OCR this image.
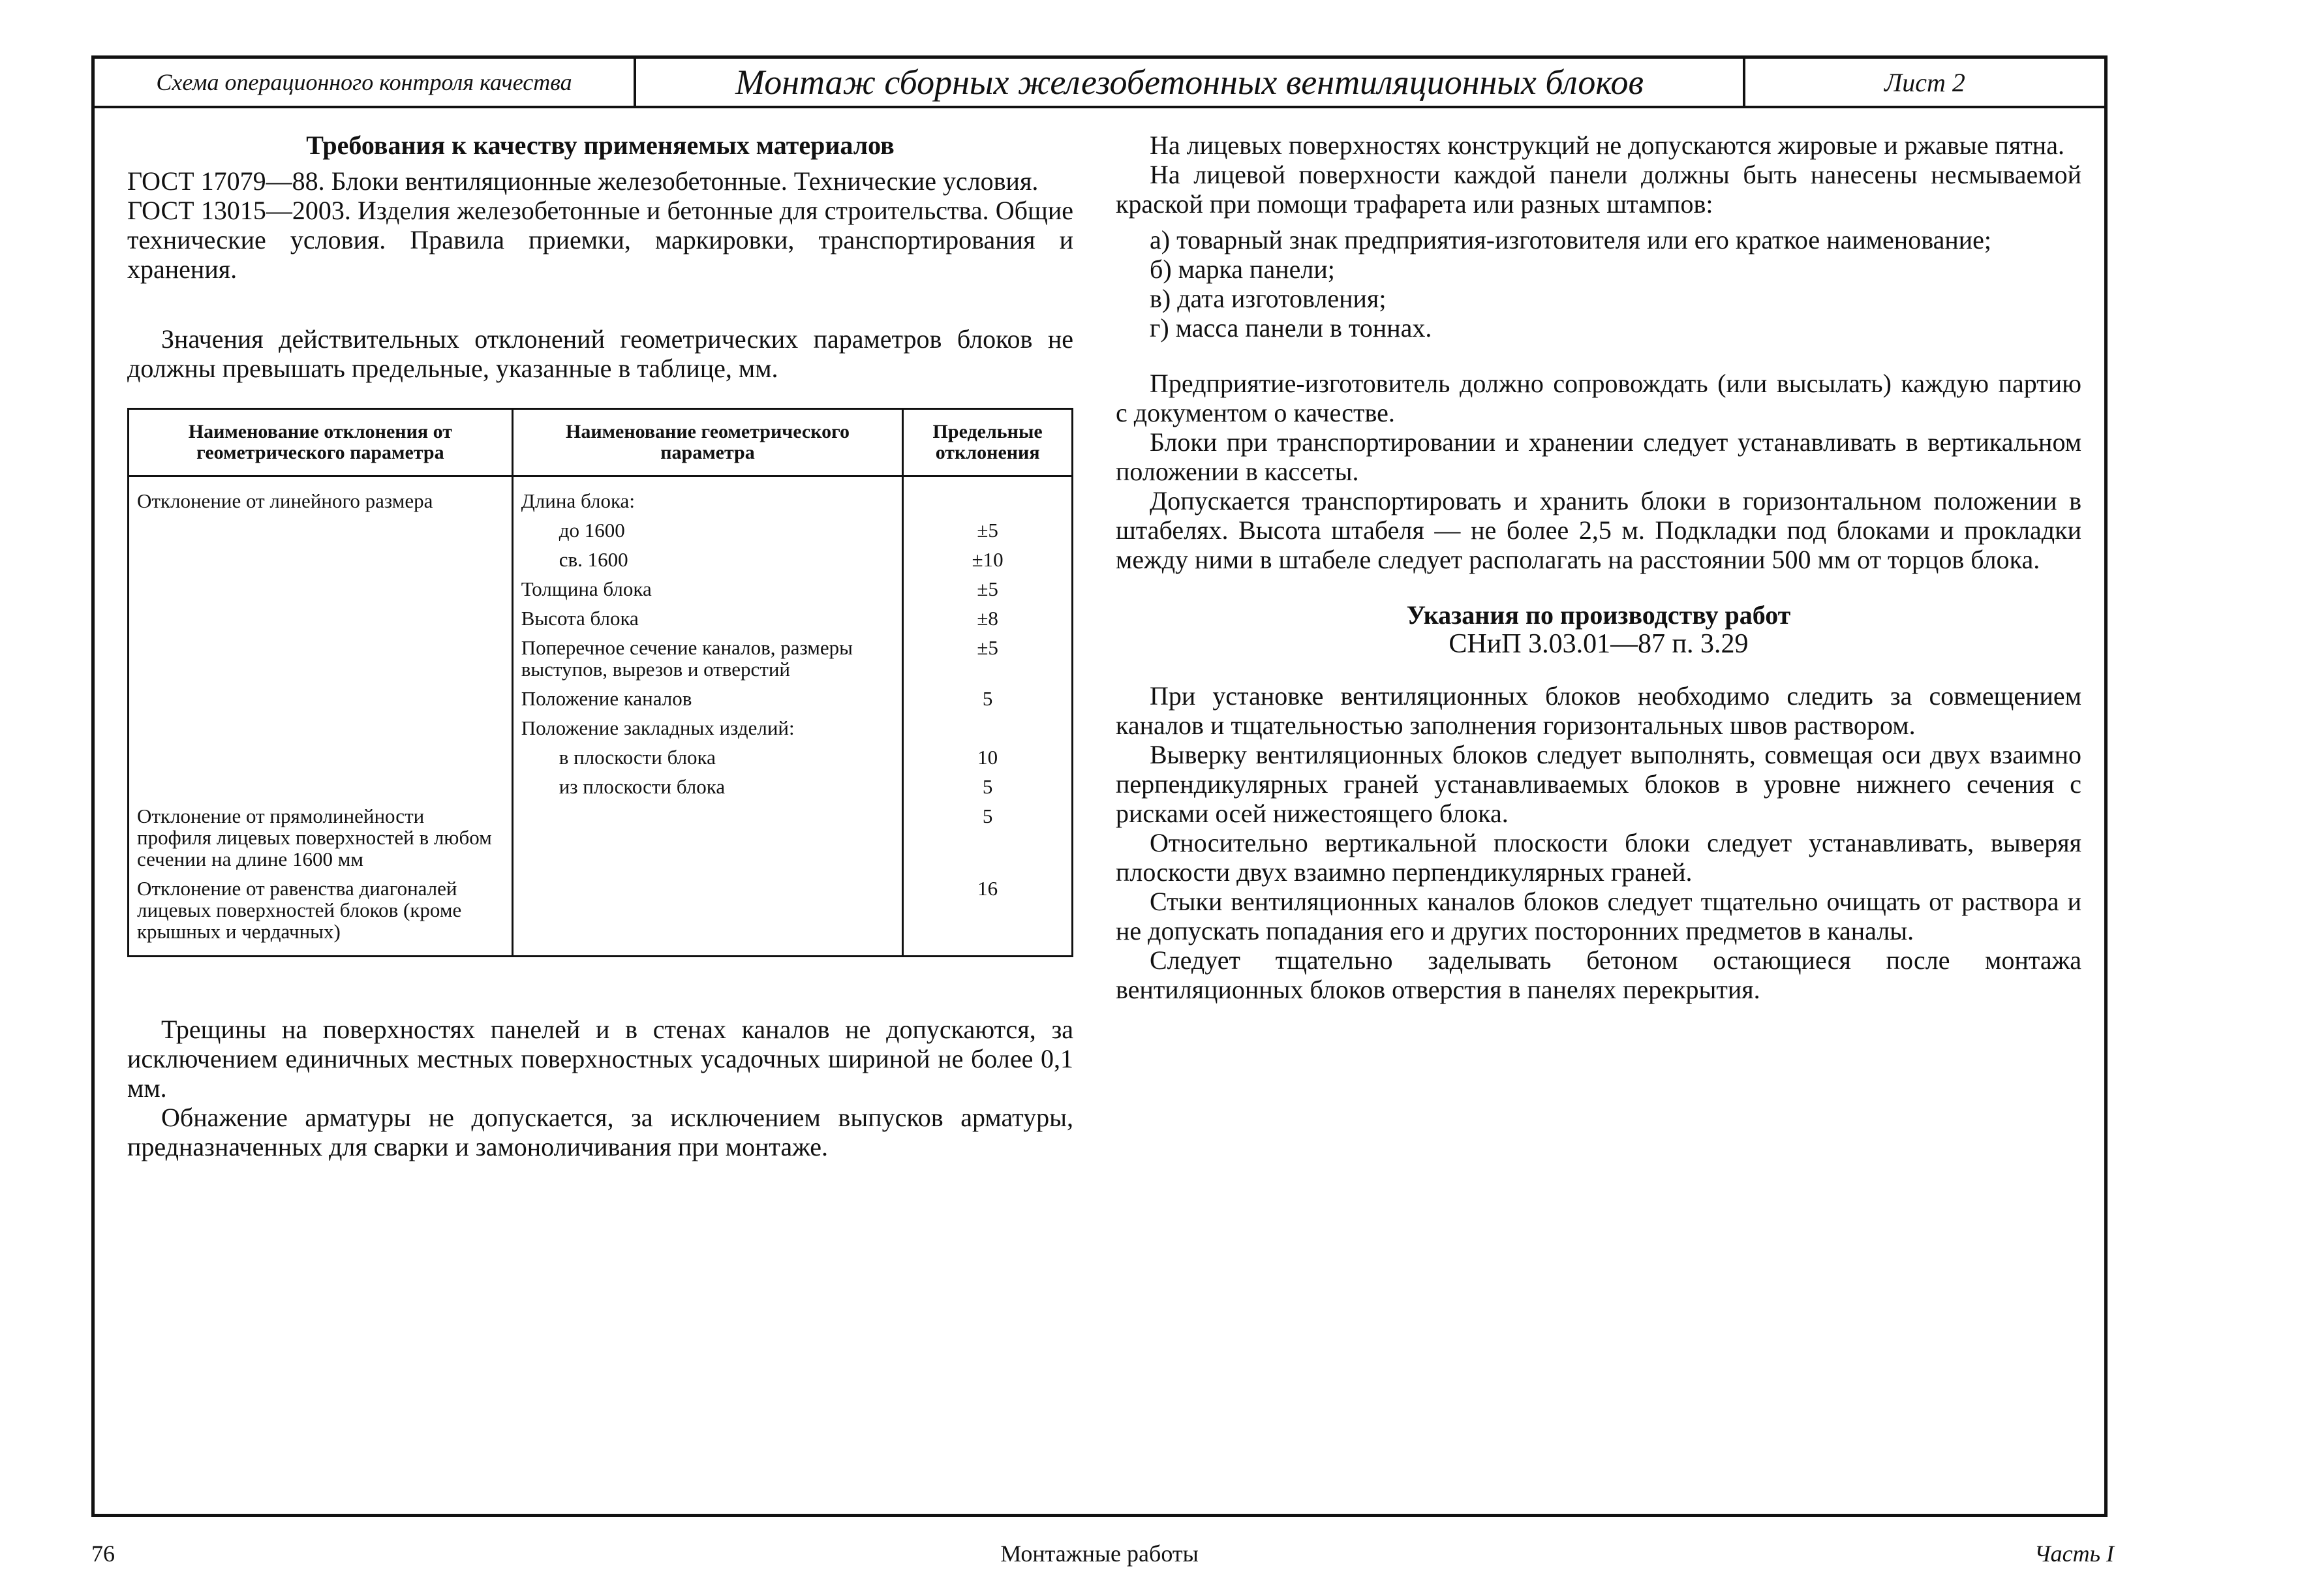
Схема операционного контроля качества	Монтаж сборных железобетонных вентиляционных блоков	Лист 2

Требования к качеству применяемых материалов

ГОСТ 17079—88. Блоки вентиляционные железобетонные. Технические условия.

ГОСТ 13015—2003. Изделия железобетонные и бетонные для строительства. Общие технические условия. Правила приемки, маркировки, транспортирования и хранения.

Значения действительных отклонений геометрических параметров блоков не должны превышать предельные, указанные в таблице, мм.

Наименование отклонения от геометрического параметра	Наименование геометрического параметра	Предельные отклонения
Отклонение от линейного размера	Длина блока:	
	до 1600	±5
	св. 1600	±10
	Толщина блока	±5
	Высота блока	±8
	Поперечное сечение каналов, размеры выступов, вырезов и отверстий	±5
	Положение каналов	5
	Положение закладных изделий:	
	в плоскости блока	10
	из плоскости блока	5
Отклонение от прямолинейности профиля лицевых поверхностей в любом сечении на длине 1600 мм		5
Отклонение от равенства диагоналей лицевых поверхностей блоков (кроме крышных и чердачных)		16

Трещины на поверхностях панелей и в стенах каналов не допускаются, за исключением единичных местных поверхностных усадочных шириной не более 0,1 мм.

Обнажение арматуры не допускается, за исключением выпусков арматуры, предназначенных для сварки и замоноличивания при монтаже.

На лицевых поверхностях конструкций не допускаются жировые и ржавые пятна.

На лицевой поверхности каждой панели должны быть нанесены несмываемой краской при помощи трафарета или разных штампов:

а) товарный знак предприятия-изготовителя или его краткое наименование;

б) марка панели;

в) дата изготовления;

г) масса панели в тоннах.

Предприятие-изготовитель должно сопровождать (или высылать) каждую партию с документом о качестве.

Блоки при транспортировании и хранении следует устанавливать в вертикальном положении в кассеты.

Допускается транспортировать и хранить блоки в горизонтальном положении в штабелях. Высота штабеля — не более 2,5 м. Подкладки под блоками и прокладки между ними в штабеле следует располагать на расстоянии 500 мм от торцов блока.

Указания по производству работ

СНиП 3.03.01—87 п. 3.29

При установке вентиляционных блоков необходимо следить за совмещением каналов и тщательностью заполнения горизонтальных швов раствором.

Выверку вентиляционных блоков следует выполнять, совмещая оси двух взаимно перпендикулярных граней устанавливаемых блоков в уровне нижнего сечения с рисками осей нижестоящего блока.

Относительно вертикальной плоскости блоки следует устанавливать, выверяя плоскости двух взаимно перпендикулярных граней.

Стыки вентиляционных каналов блоков следует тщательно очищать от раствора и не допускать попадания его и других посторонних предметов в каналы.

Следует тщательно заделывать бетоном остающиеся после монтажа вентиляционных блоков отверстия в панелях перекрытия.

76	Монтажные работы	Часть I
